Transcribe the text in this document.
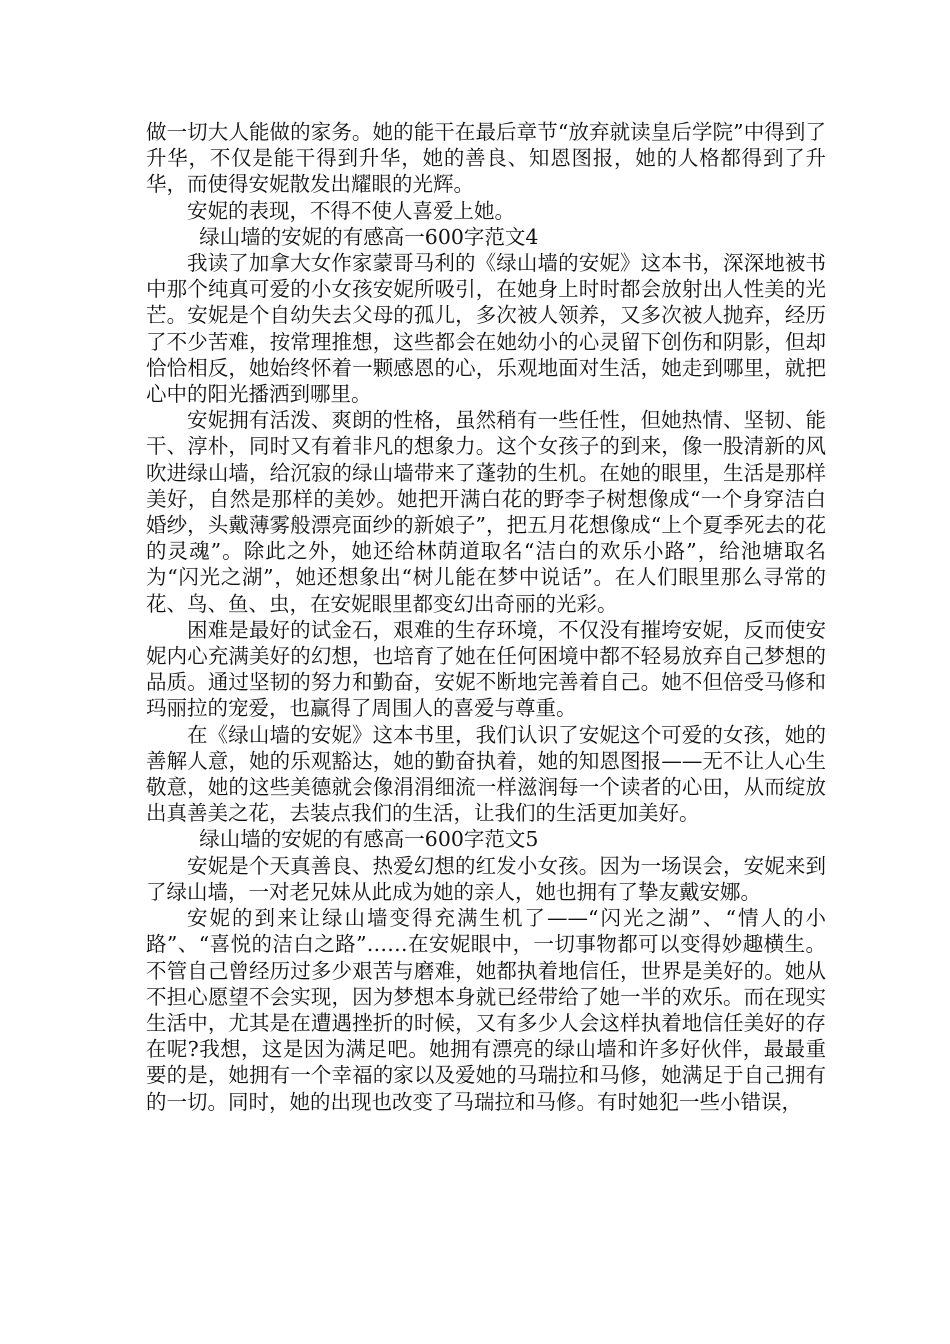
做一切大人能做的家务。她的能干在最后章节“放弃就读皇后学院”中得到了升华，不仅是能干得到升华，她的善良、知恩图报，她的人格都得到了升华，而使得安妮散发出耀眼的光辉。

安妮的表现，不得不使人喜爱上她。

绿山墙的安妮的有感高一600字范文4

我读了加拿大女作家蒙哥马利的《绿山墙的安妮》这本书，深深地被书中那个纯真可爱的小女孩安妮所吸引，在她身上时时都会放射出人性美的光芒。安妮是个自幼失去父母的孤儿，多次被人领养，又多次被人抛弃，经历了不少苦难，按常理推想，这些都会在她幼小的心灵留下创伤和阴影，但却恰恰相反，她始终怀着一颗感恩的心，乐观地面对生活，她走到哪里，就把心中的阳光播洒到哪里。

安妮拥有活泼、爽朗的性格，虽然稍有一些任性，但她热情、坚韧、能干、淳朴，同时又有着非凡的想象力。这个女孩子的到来，像一股清新的风吹进绿山墙，给沉寂的绿山墙带来了蓬勃的生机。在她的眼里，生活是那样美好，自然是那样的美妙。她把开满白花的野李子树想像成“一个身穿洁白婚纱，头戴薄雾般漂亮面纱的新娘子”，把五月花想像成“上个夏季死去的花的灵魂”。除此之外，她还给林荫道取名“洁白的欢乐小路”，给池塘取名为“闪光之湖”，她还想象出“树儿能在梦中说话”。在人们眼里那么寻常的花、鸟、鱼、虫，在安妮眼里都变幻出奇丽的光彩。

困难是最好的试金石，艰难的生存环境，不仅没有摧垮安妮，反而使安妮内心充满美好的幻想，也培育了她在任何困境中都不轻易放弃自己梦想的品质。通过坚韧的努力和勤奋，安妮不断地完善着自己。她不但倍受马修和玛丽拉的宠爱，也赢得了周围人的喜爱与尊重。

在《绿山墙的安妮》这本书里，我们认识了安妮这个可爱的女孩，她的善解人意，她的乐观豁达，她的勤奋执着，她的知恩图报——无不让人心生敬意，她的这些美德就会像涓涓细流一样滋润每一个读者的心田，从而绽放出真善美之花，去装点我们的生活，让我们的生活更加美好。

绿山墙的安妮的有感高一600字范文5

安妮是个天真善良、热爱幻想的红发小女孩。因为一场误会，安妮来到了绿山墙，一对老兄妹从此成为她的亲人，她也拥有了挚友戴安娜。

安妮的到来让绿山墙变得充满生机了——“闪光之湖”、“情人的小路”、“喜悦的洁白之路”……在安妮眼中，一切事物都可以变得妙趣横生。不管自己曾经历过多少艰苦与磨难，她都执着地信任，世界是美好的。她从不担心愿望不会实现，因为梦想本身就已经带给了她一半的欢乐。而在现实生活中，尤其是在遭遇挫折的时候，又有多少人会这样执着地信任美好的存在呢?我想，这是因为满足吧。她拥有漂亮的绿山墙和许多好伙伴，最最重要的是，她拥有一个幸福的家以及爱她的马瑞拉和马修，她满足于自己拥有的一切。同时，她的出现也改变了马瑞拉和马修。有时她犯一些小错误，
